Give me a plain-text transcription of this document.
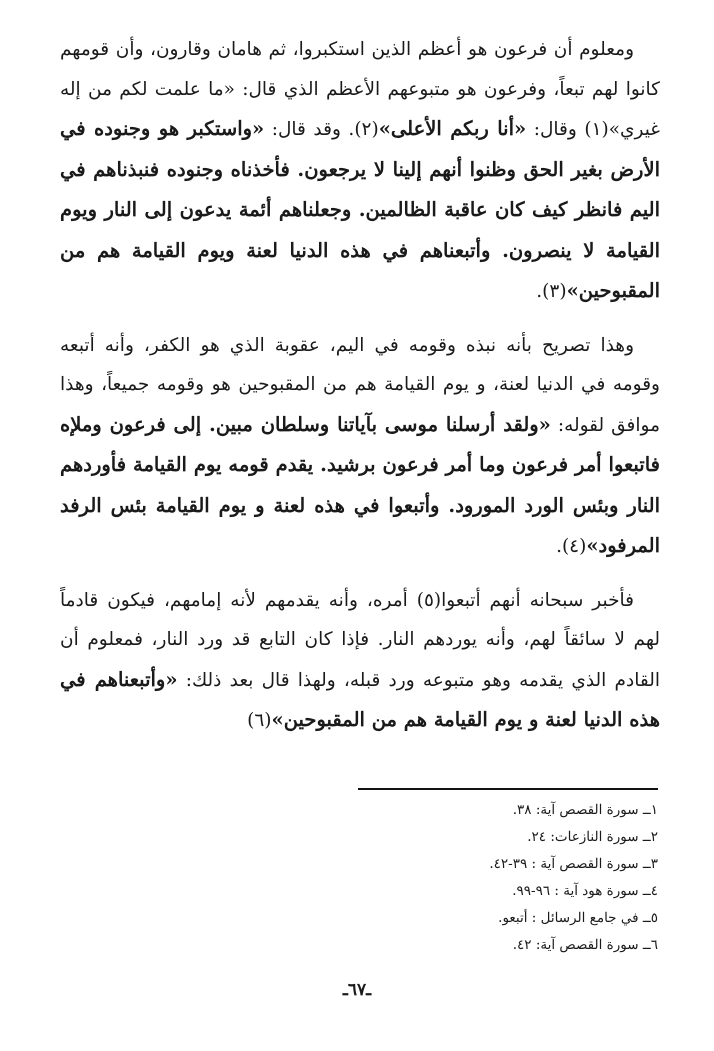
ومعلوم أن فرعون هو أعظم الذين استكبروا، ثم هامان وقارون، وأن قومهم كانوا لهم تبعاً، وفرعون هو متبوعهم الأعظم الذي قال: «ما علمت لكم من إله غيري»(١) وقال: «أنا ربكم الأعلى»(٢). وقد قال: «واستكبر هو وجنوده في الأرض بغير الحق وظنوا أنهم إلينا لا يرجعون. فأخذناه وجنوده فنبذناهم في اليم فانظر كيف كان عاقبة الظالمين. وجعلناهم أئمة يدعون إلى النار ويوم القيامة لا ينصرون. وأتبعناهم في هذه الدنيا لعنة ويوم القيامة هم من المقبوحين»(٣).

وهذا تصريح بأنه نبذه وقومه في اليم، عقوبة الذي هو الكفر، وأنه أتبعه وقومه في الدنيا لعنة، و يوم القيامة هم من المقبوحين هو وقومه جميعاً، وهذا موافق لقوله: «ولقد أرسلنا موسى بآياتنا وسلطان مبين. إلى فرعون وملإه فاتبعوا أمر فرعون وما أمر فرعون برشيد. يقدم قومه يوم القيامة فأوردهم النار وبئس الورد المورود. وأتبعوا في هذه لعنة و يوم القيامة بئس الرفد المرفود»(٤).

فأخبر سبحانه أنهم أتبعوا(٥) أمره، وأنه يقدمهم لأنه إمامهم، فيكون قادماً لهم لا سائقاً لهم، وأنه يوردهم النار. فإذا كان التابع قد ورد النار، فمعلوم أن القادم الذي يقدمه وهو متبوعه ورد قبله، ولهذا قال بعد ذلك: «وأتبعناهم في هذه الدنيا لعنة و يوم القيامة هم من المقبوحين»(٦)

١ــ سورة القصص آية: ٣٨.
٢ــ سورة النازعات: ٢٤.
٣ــ سورة القصص آية : ٣٩-٤٢.
٤ــ سورة هود آية : ٩٦-٩٩.
٥ــ في جامع الرسائل : أتبعو.
٦ــ سورة القصص آية: ٤٢.
ـ٦٧ـ
